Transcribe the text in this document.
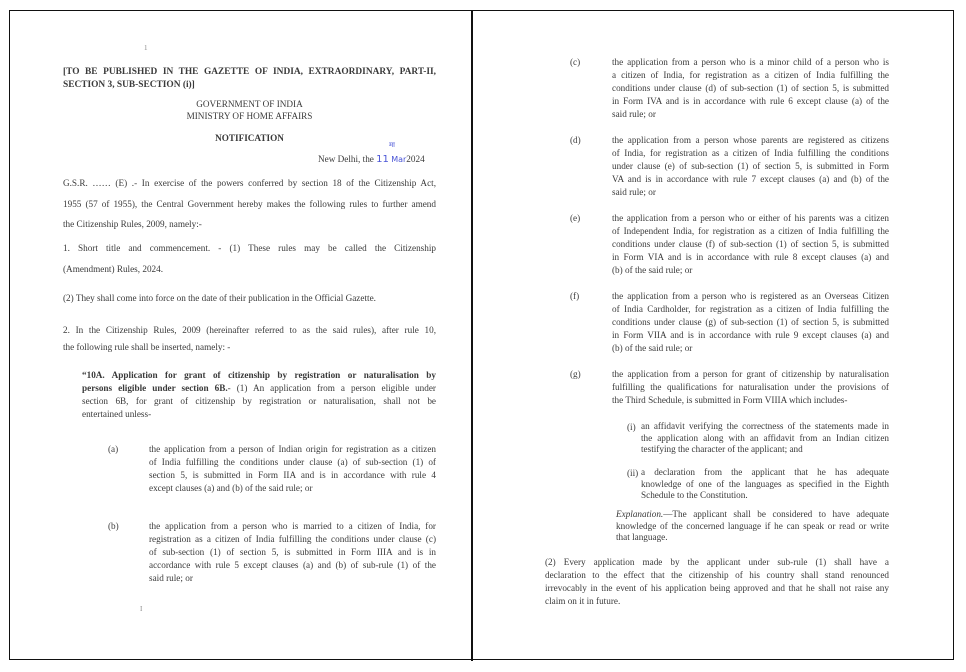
1
[TO BE PUBLISHED IN THE GAZETTE OF INDIA, EXTRAORDINARY, PART-II,
SECTION 3, SUB-SECTION (i)]
GOVERNMENT OF INDIA
MINISTRY OF HOME AFFAIRS
NOTIFICATION
New Delhi, the 11 Mar2024
मा
G.S.R. …… (E) .- In exercise of the powers conferred by section 18 of the Citizenship Act,
1955 (57 of 1955), the Central Government hereby makes the following rules to further amend
the Citizenship Rules, 2009, namely:-
1. Short title and commencement. - (1) These rules may be called the Citizenship
(Amendment) Rules, 2024.
(2) They shall come into force on the date of their publication in the Official Gazette.
2. In the Citizenship Rules, 2009 (hereinafter referred to as the said rules), after rule 10,
the following rule shall be inserted, namely: -
“10A. Application for grant of citizenship by registration or naturalisation by
persons eligible under section 6B.- (1) An application from a person eligible under
section 6B, for grant of citizenship by registration or naturalisation, shall not be
entertained unless-
(a)	the application from a person of Indian origin for registration as a citizen
of India fulfilling the conditions under clause (a) of sub-section (1) of
section 5, is submitted in Form IIA and is in accordance with rule 4
except clauses (a) and (b) of the said rule; or
(b)	the application from a person who is married to a citizen of India, for
registration as a citizen of India fulfilling the conditions under clause (c)
of sub-section (1) of section 5, is submitted in Form IIIA and is in
accordance with rule 5 except clauses (a) and (b) of sub-rule (1) of the
said rule; or
I
(c)	the application from a person who is a minor child of a person who is
a citizen of India, for registration as a citizen of India fulfilling the
conditions under clause (d) of sub-section (1) of section 5, is submitted
in Form IVA and is in accordance with rule 6 except clause (a) of the
said rule; or
(d)	the application from a person whose parents are registered as citizens
of India, for registration as a citizen of India fulfilling the conditions
under clause (e) of sub-section (1) of section 5, is submitted in Form
VA and is in accordance with rule 7 except clauses (a) and (b) of the
said rule; or
(e)	the application from a person who or either of his parents was a citizen
of Independent India, for registration as a citizen of India fulfilling the
conditions under clause (f) of sub-section (1) of section 5, is submitted
in Form VIA and is in accordance with rule 8 except clauses (a) and
(b) of the said rule; or
(f)	the application from a person who is registered as an Overseas Citizen
of India Cardholder, for registration as a citizen of India fulfilling the
conditions under clause (g) of sub-section (1) of section 5, is submitted
in Form VIIA and is in accordance with rule 9 except clauses (a) and
(b) of the said rule; or
(g)	the application from a person for grant of citizenship by naturalisation
fulfilling the qualifications for naturalisation under the provisions of
the Third Schedule, is submitted in Form VIIIA which includes-
(i) an affidavit verifying the correctness of the statements made in
the application along with an affidavit from an Indian citizen
testifying the character of the applicant; and
(ii) a declaration from the applicant that he has adequate
knowledge of one of the languages as specified in the Eighth
Schedule to the Constitution.
Explanation.—The applicant shall be considered to have adequate
knowledge of the concerned language if he can speak or read or write
that language.
(2) Every application made by the applicant under sub-rule (1) shall have a
declaration to the effect that the citizenship of his country shall stand renounced
irrevocably in the event of his application being approved and that he shall not raise any
claim on it in future.
